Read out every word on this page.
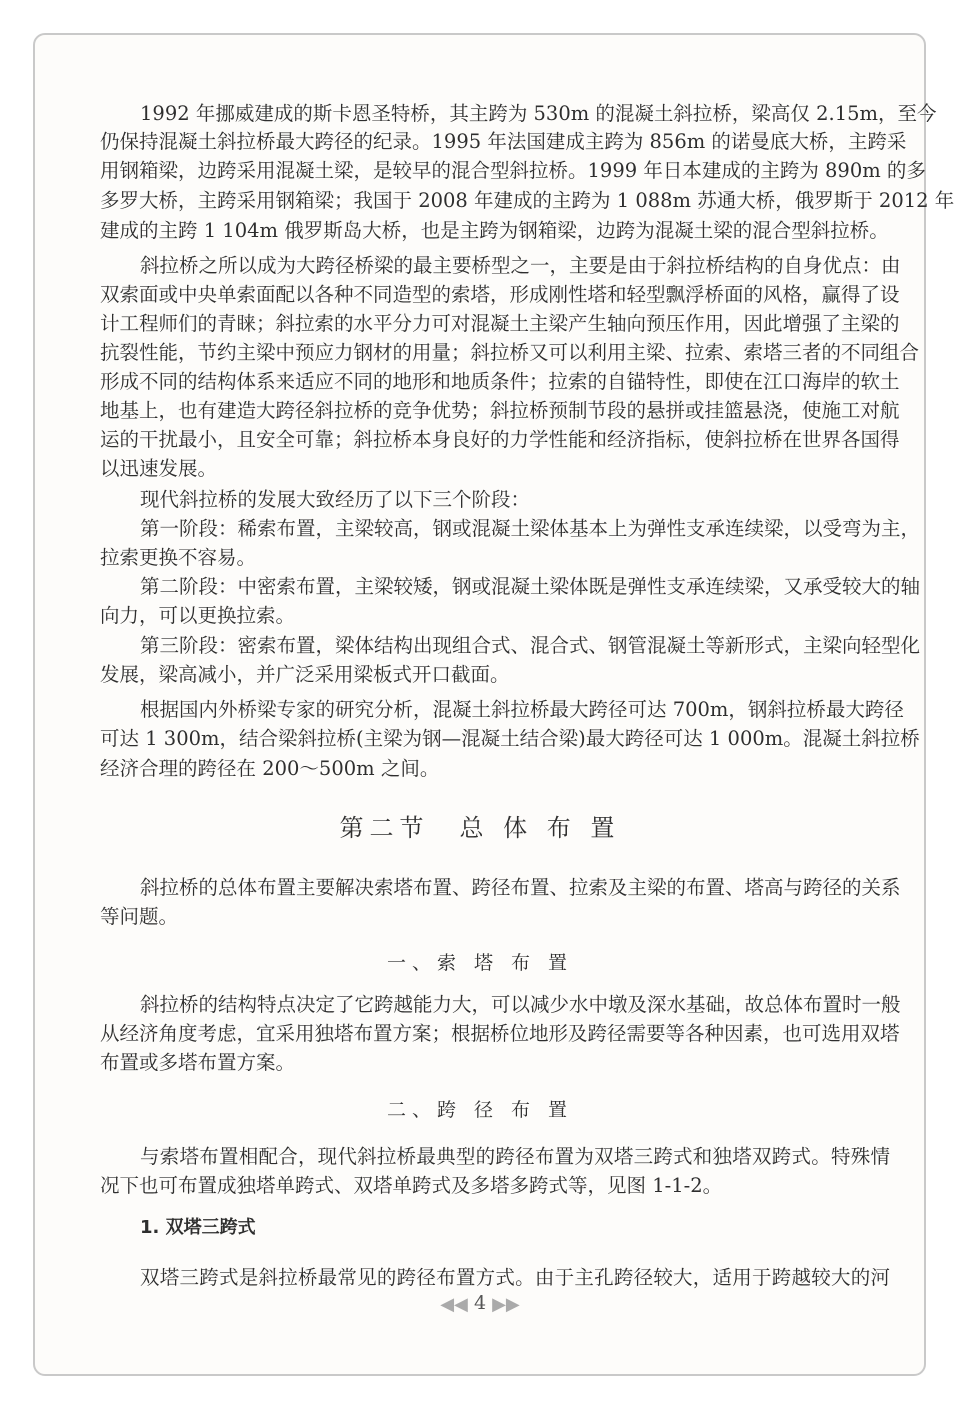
第二节　总 体 布 置
一、索 塔 布 置
二、跨 径 布 置
1. 双塔三跨式
1992 年挪威建成的斯卡恩圣特桥，其主跨为 530m 的混凝土斜拉桥，梁高仅 2.15m，至今
仍保持混凝土斜拉桥最大跨径的纪录。1995 年法国建成主跨为 856m 的诺曼底大桥，主跨采
用钢箱梁，边跨采用混凝土梁，是较早的混合型斜拉桥。1999 年日本建成的主跨为 890m 的多
多罗大桥，主跨采用钢箱梁；我国于 2008 年建成的主跨为 1 088m 苏通大桥，俄罗斯于 2012 年
建成的主跨 1 104m 俄罗斯岛大桥，也是主跨为钢箱梁，边跨为混凝土梁的混合型斜拉桥。
斜拉桥之所以成为大跨径桥梁的最主要桥型之一，主要是由于斜拉桥结构的自身优点：由
双索面或中央单索面配以各种不同造型的索塔，形成刚性塔和轻型飘浮桥面的风格，赢得了设
计工程师们的青睐；斜拉索的水平分力可对混凝土主梁产生轴向预压作用，因此增强了主梁的
抗裂性能，节约主梁中预应力钢材的用量；斜拉桥又可以利用主梁、拉索、索塔三者的不同组合
形成不同的结构体系来适应不同的地形和地质条件；拉索的自锚特性，即使在江口海岸的软土
地基上，也有建造大跨径斜拉桥的竞争优势；斜拉桥预制节段的悬拼或挂篮悬浇，使施工对航
运的干扰最小，且安全可靠；斜拉桥本身良好的力学性能和经济指标，使斜拉桥在世界各国得
以迅速发展。
现代斜拉桥的发展大致经历了以下三个阶段：
第一阶段：稀索布置，主梁较高，钢或混凝土梁体基本上为弹性支承连续梁，以受弯为主，
拉索更换不容易。
第二阶段：中密索布置，主梁较矮，钢或混凝土梁体既是弹性支承连续梁，又承受较大的轴
向力，可以更换拉索。
第三阶段：密索布置，梁体结构出现组合式、混合式、钢管混凝土等新形式，主梁向轻型化
发展，梁高减小，并广泛采用梁板式开口截面。
根据国内外桥梁专家的研究分析，混凝土斜拉桥最大跨径可达 700m，钢斜拉桥最大跨径
可达 1 300m，结合梁斜拉桥(主梁为钢—混凝土结合梁)最大跨径可达 1 000m。混凝土斜拉桥
经济合理的跨径在 200～500m 之间。
斜拉桥的总体布置主要解决索塔布置、跨径布置、拉索及主梁的布置、塔高与跨径的关系
等问题。
斜拉桥的结构特点决定了它跨越能力大，可以减少水中墩及深水基础，故总体布置时一般
从经济角度考虑，宜采用独塔布置方案；根据桥位地形及跨径需要等各种因素，也可选用双塔
布置或多塔布置方案。
与索塔布置相配合，现代斜拉桥最典型的跨径布置为双塔三跨式和独塔双跨式。特殊情
况下也可布置成独塔单跨式、双塔单跨式及多塔多跨式等，见图 1-1-2。
双塔三跨式是斜拉桥最常见的跨径布置方式。由于主孔跨径较大，适用于跨越较大的河
◀◀ 4 ▶▶
